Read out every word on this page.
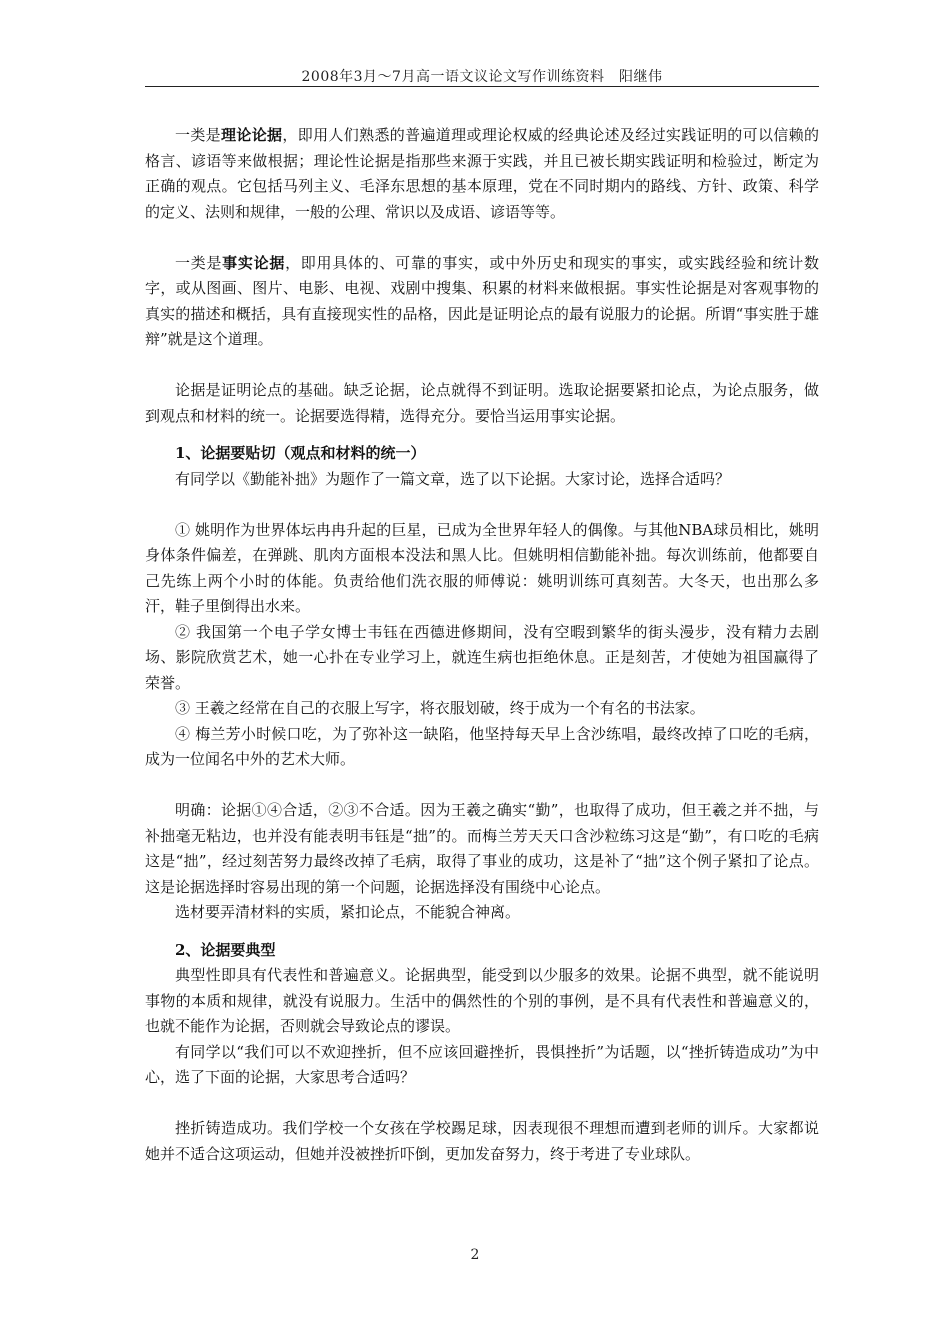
2008年3月～7月高一语文议论文写作训练资料　阳继伟

一类是理论论据，即用人们熟悉的普遍道理或理论权威的经典论述及经过实践证明的可以信赖的格言、谚语等来做根据；理论性论据是指那些来源于实践，并且已被长期实践证明和检验过，断定为正确的观点。它包括马列主义、毛泽东思想的基本原理，党在不同时期内的路线、方针、政策、科学的定义、法则和规律，一般的公理、常识以及成语、谚语等等。

一类是事实论据，即用具体的、可靠的事实，或中外历史和现实的事实，或实践经验和统计数字，或从图画、图片、电影、电视、戏剧中搜集、积累的材料来做根据。事实性论据是对客观事物的真实的描述和概括，具有直接现实性的品格，因此是证明论点的最有说服力的论据。所谓“事实胜于雄辩”就是这个道理。

论据是证明论点的基础。缺乏论据，论点就得不到证明。选取论据要紧扣论点，为论点服务，做到观点和材料的统一。论据要选得精，选得充分。要恰当运用事实论据。

1、论据要贴切（观点和材料的统一）

有同学以《勤能补拙》为题作了一篇文章，选了以下论据。大家讨论，选择合适吗？

① 姚明作为世界体坛冉冉升起的巨星，已成为全世界年轻人的偶像。与其他NBA球员相比，姚明身体条件偏差，在弹跳、肌肉方面根本没法和黑人比。但姚明相信勤能补拙。每次训练前，他都要自己先练上两个小时的体能。负责给他们洗衣服的师傅说：姚明训练可真刻苦。大冬天，也出那么多汗，鞋子里倒得出水来。

② 我国第一个电子学女博士韦钰在西德进修期间，没有空暇到繁华的街头漫步，没有精力去剧场、影院欣赏艺术，她一心扑在专业学习上，就连生病也拒绝休息。正是刻苦，才使她为祖国赢得了荣誉。

③ 王羲之经常在自己的衣服上写字，将衣服划破，终于成为一个有名的书法家。

④ 梅兰芳小时候口吃，为了弥补这一缺陷，他坚持每天早上含沙练唱，最终改掉了口吃的毛病，成为一位闻名中外的艺术大师。

明确：论据①④合适，②③不合适。因为王羲之确实“勤”，也取得了成功，但王羲之并不拙，与补拙毫无粘边，也并没有能表明韦钰是“拙”的。而梅兰芳天天口含沙粒练习这是“勤”，有口吃的毛病这是“拙”，经过刻苦努力最终改掉了毛病，取得了事业的成功，这是补了“拙”这个例子紧扣了论点。这是论据选择时容易出现的第一个问题，论据选择没有围绕中心论点。

选材要弄清材料的实质，紧扣论点，不能貌合神离。

2、论据要典型

典型性即具有代表性和普遍意义。论据典型，能受到以少服多的效果。论据不典型，就不能说明事物的本质和规律，就没有说服力。生活中的偶然性的个别的事例，是不具有代表性和普遍意义的，也就不能作为论据，否则就会导致论点的谬误。

有同学以“我们可以不欢迎挫折，但不应该回避挫折，畏惧挫折”为话题，以“挫折铸造成功”为中心，选了下面的论据，大家思考合适吗？

挫折铸造成功。我们学校一个女孩在学校踢足球，因表现很不理想而遭到老师的训斥。大家都说她并不适合这项运动，但她并没被挫折吓倒，更加发奋努力，终于考进了专业球队。

2
